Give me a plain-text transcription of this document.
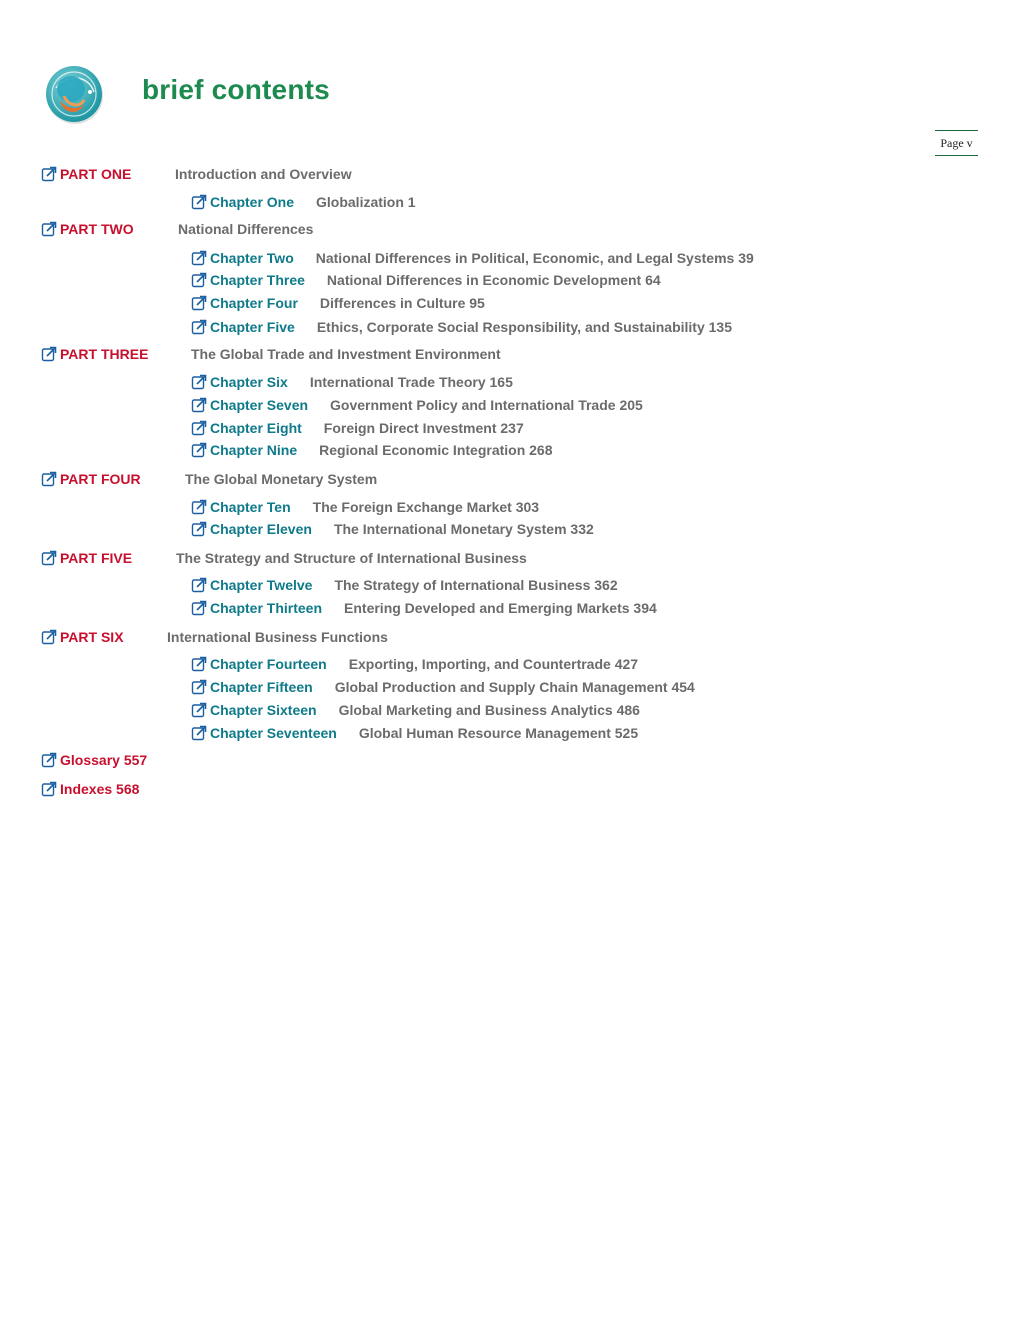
brief contents
Page v
PART ONE	Introduction and Overview
Chapter One Globalization 1
PART TWO	National Differences
Chapter Two National Differences in Political, Economic, and Legal Systems 39
Chapter Three National Differences in Economic Development 64
Chapter Four Differences in Culture 95
Chapter Five Ethics, Corporate Social Responsibility, and Sustainability 135
PART THREE	The Global Trade and Investment Environment
Chapter Six International Trade Theory 165
Chapter Seven Government Policy and International Trade 205
Chapter Eight Foreign Direct Investment 237
Chapter Nine Regional Economic Integration 268
PART FOUR	The Global Monetary System
Chapter Ten The Foreign Exchange Market 303
Chapter Eleven The International Monetary System 332
PART FIVE	The Strategy and Structure of International Business
Chapter Twelve The Strategy of International Business 362
Chapter Thirteen Entering Developed and Emerging Markets 394
PART SIX	International Business Functions
Chapter Fourteen Exporting, Importing, and Countertrade 427
Chapter Fifteen Global Production and Supply Chain Management 454
Chapter Sixteen Global Marketing and Business Analytics 486
Chapter Seventeen Global Human Resource Management 525
Glossary 557
Indexes 568
